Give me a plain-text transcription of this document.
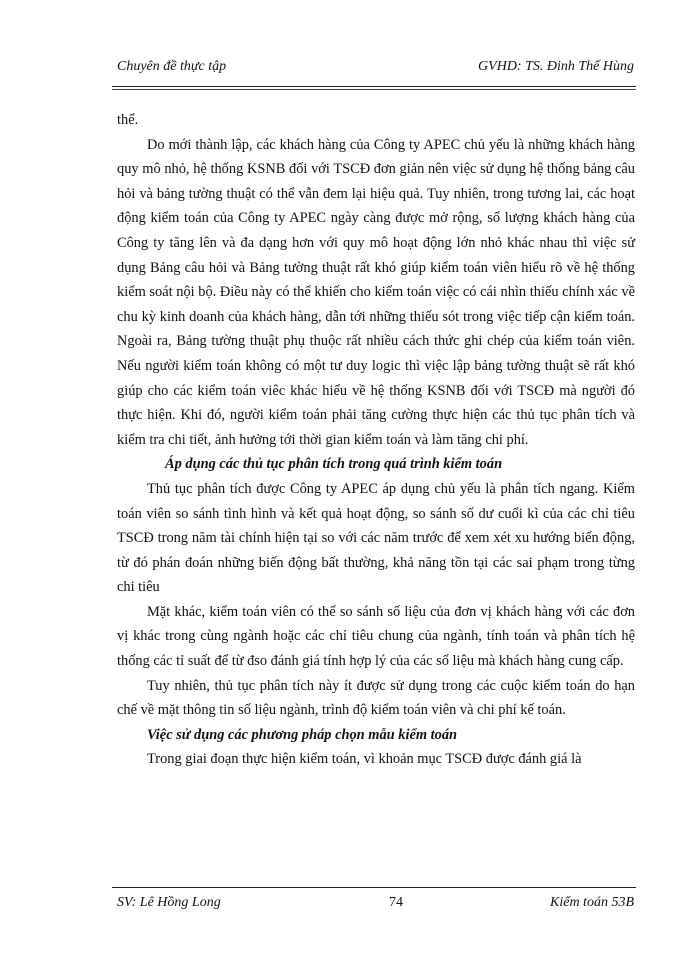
Chuyên đề thực tập	GVHD: TS. Đinh Thế Hùng

thể.

Do mới thành lập, các khách hàng của Công ty APEC chủ yếu là những khách hàng quy mô nhỏ, hệ thống KSNB đối với TSCĐ đơn giản nên việc sử dụng hệ thống bảng câu hỏi và bảng tường thuật có thể vẫn đem lại hiệu quả. Tuy nhiên, trong tương lai, các hoạt động kiểm toán của Công ty APEC ngày càng được mở rộng, số lượng khách hàng của Công ty tăng lên và đa dạng hơn với quy mô hoạt động lớn nhỏ khác nhau thì việc sử dụng Bảng câu hỏi và Bảng tường thuật rất khó giúp kiểm toán viên hiểu rõ về hệ thống kiểm soát nội bộ. Điều này có thể khiến cho kiểm toán việc có cái nhìn thiếu chính xác về chu kỳ kinh doanh của khách hàng, dẫn tới những thiếu sót trong việc tiếp cận kiểm toán. Ngoài ra, Bảng tường thuật phụ thuộc rất nhiều cách thức ghi chép của kiểm toán viên. Nếu người kiểm toán không có một tư duy logic thì việc lập bảng tường thuật sẽ rất khó giúp cho các kiểm toán viêc khác hiểu về hệ thống KSNB đối với TSCĐ mà người đó thực hiện. Khi đó, người kiểm toán phải tăng cường thực hiện các thủ tục phân tích và kiểm tra chi tiết, ảnh hưởng tới thời gian kiểm toán và làm tăng chi phí.

Áp dụng các thủ tục phân tích trong quá trình kiểm toán

Thủ tục phân tích được Công ty APEC áp dụng chủ yếu là phân tích ngang. Kiểm toán viên so sánh tình hình và kết quả hoạt động, so sánh số dư cuối kì của các chỉ tiêu TSCĐ trong năm tài chính hiện tại so với các năm trước để xem xét xu hướng biến động, từ đó phán đoán những biến động bất thường, khả năng tồn tại các sai phạm trong từng chi tiêu

Mặt khác, kiểm toán viên có thể so sánh số liệu của đơn vị khách hàng với các đơn vị khác trong cùng ngành hoặc các chỉ tiêu chung của ngành, tính toán và phân tích hệ thống các tỉ suất để từ đso đánh giá tính hợp lý của các số liệu mà khách hàng cung cấp.

Tuy nhiên, thủ tục phân tích này ít được sử dụng trong các cuộc kiểm toán do hạn chế về mặt thông tin số liệu ngành, trình độ kiểm toán viên và chi phí kế toán.

Việc sử dụng các phương pháp chọn mẫu kiểm toán

Trong giai đoạn thực hiện kiểm toán, vì khoản mục TSCĐ được đánh giá là

SV: Lê Hồng Long	74	Kiểm toán 53B
